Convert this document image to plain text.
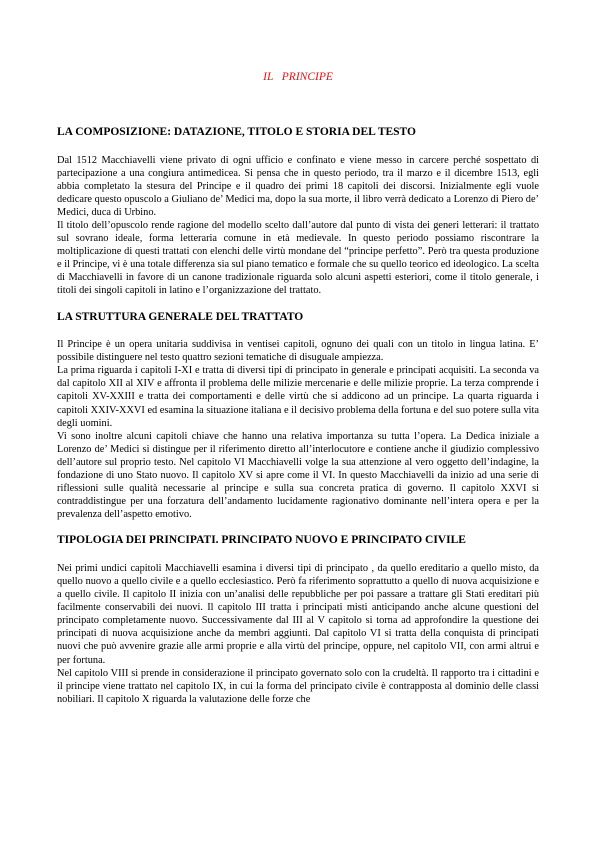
IL   PRINCIPE

LA COMPOSIZIONE: DATAZIONE, TITOLO E STORIA DEL TESTO

Dal 1512 Macchiavelli viene privato di ogni ufficio e confinato e viene messo in carcere perché sospettato di partecipazione a una congiura antimedicea. Si pensa che in questo periodo, tra il marzo e il dicembre 1513, egli abbia completato la stesura del Principe e il quadro dei primi 18 capitoli dei discorsi. Inizialmente egli vuole dedicare questo opuscolo a Giuliano de’ Medici ma, dopo la sua morte, il libro verrà dedicato a Lorenzo di Piero de’ Medici, duca di Urbino.

Il titolo dell’opuscolo rende ragione del modello scelto dall’autore dal punto di vista dei generi letterari: il trattato sul sovrano ideale, forma letteraria comune in età medievale. In questo periodo possiamo riscontrare la moltiplicazione di questi trattati con elenchi delle virtù mondane del “principe perfetto”. Però tra questa produzione e il Principe, vi è una totale differenza sia sul piano tematico e formale che su quello teorico ed ideologico. La scelta di Macchiavelli in favore di un canone tradizionale riguarda solo alcuni aspetti esteriori, come il titolo generale, i titoli dei singoli capitoli in latino e l’organizzazione del trattato.

LA STRUTTURA GENERALE DEL TRATTATO

Il Principe è un opera unitaria suddivisa in ventisei capitoli, ognuno dei quali con un titolo in lingua latina. E’ possibile distinguere nel testo quattro sezioni tematiche di disuguale ampiezza.

La prima riguarda i capitoli I-XI e tratta di diversi tipi di principato in generale e principati acquisiti. La seconda va dal capitolo XII al XIV e affronta il problema delle milizie mercenarie e delle milizie proprie. La terza comprende i capitoli XV-XXIII e tratta dei comportamenti e delle virtù che si addicono ad un principe. La quarta riguarda i capitoli XXIV-XXVI ed esamina la situazione italiana e il decisivo problema della fortuna e del suo potere sulla vita degli uomini.

Vi sono inoltre alcuni capitoli chiave che hanno una relativa importanza su tutta l’opera. La Dedica iniziale a Lorenzo de’ Medici si distingue per il riferimento diretto all’interlocutore e contiene anche il giudizio complessivo dell’autore sul proprio testo. Nel capitolo VI Macchiavelli volge la sua attenzione al vero oggetto dell’indagine, la fondazione di uno Stato nuovo. Il capitolo XV si apre come il VI. In questo Macchiavelli da inizio ad una serie di riflessioni sulle qualità necessarie al principe e sulla sua concreta pratica di governo. Il capitolo XXVI si contraddistingue per una forzatura dell’andamento lucidamente ragionativo dominante nell’intera opera e per la prevalenza dell’aspetto emotivo.

TIPOLOGIA DEI PRINCIPATI. PRINCIPATO NUOVO E PRINCIPATO CIVILE

Nei primi undici capitoli Macchiavelli esamina i diversi tipi di principato , da quello ereditario a quello misto, da quello nuovo a quello civile e a quello ecclesiastico. Però fa riferimento soprattutto a quello di nuova acquisizione e a quello civile. Il capitolo II inizia con un’analisi delle repubbliche per poi passare a trattare gli Stati ereditari più facilmente conservabili dei nuovi. Il capitolo III tratta i principati misti anticipando anche alcune questioni del principato completamente nuovo. Successivamente dal III al V capitolo si torna ad approfondire la questione dei principati di nuova acquisizione anche da membri aggiunti. Dal capitolo VI si tratta della conquista di principati nuovi che può avvenire grazie alle armi proprie e alla virtù del principe, oppure, nel capitolo VII, con armi altrui e per fortuna.

Nel capitolo VIII si prende in considerazione il principato governato solo con la crudeltà. Il rapporto tra i cittadini e il principe viene trattato nel capitolo IX, in cui la forma del principato civile è contrapposta al dominio delle classi nobiliari. Il capitolo X riguarda la valutazione delle forze che
